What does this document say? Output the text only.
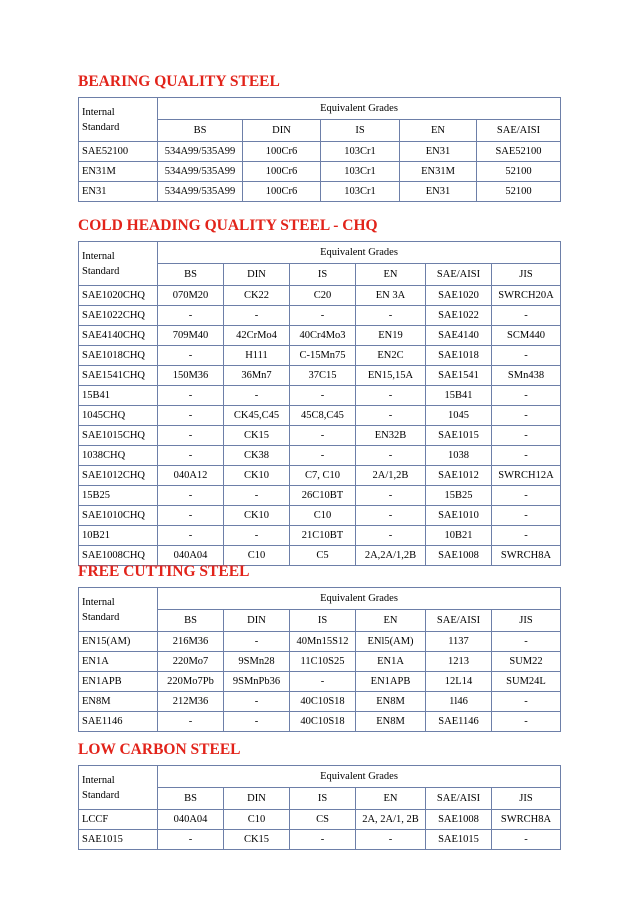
BEARING QUALITY STEEL
Internal Standard	Equivalent Grades				
	BS	DIN	IS	EN	SAE/AISI
SAE52100	534A99/535A99	100Cr6	103Cr1	EN31	SAE52100
EN31M	534A99/535A99	100Cr6	103Cr1	EN31M	52100
EN31	534A99/535A99	100Cr6	103Cr1	EN31	52100
COLD HEADING QUALITY STEEL - CHQ
Internal Standard	Equivalent Grades					
	BS	DIN	IS	EN	SAE/AISI	JIS
SAE1020CHQ	070M20	CK22	C20	EN 3A	SAE1020	SWRCH20A
SAE1022CHQ	-	-	-	-	SAE1022	-
SAE4140CHQ	709M40	42CrMo4	40Cr4Mo3	EN19	SAE4140	SCM440
SAE1018CHQ	-	H111	C-15Mn75	EN2C	SAE1018	-
SAE1541CHQ	150M36	36Mn7	37C15	EN15,15A	SAE1541	SMn438
15B41	-	-	-	-	15B41	-
1045CHQ	-	CK45,C45	45C8,C45	-	1045	-
SAE1015CHQ	-	CK15	-	EN32B	SAE1015	-
1038CHQ	-	CK38	-	-	1038	-
SAE1012CHQ	040A12	CK10	C7, C10	2A/1,2B	SAE1012	SWRCH12A
15B25	-	-	26C10BT	-	15B25	-
SAE1010CHQ	-	CK10	C10	-	SAE1010	-
10B21	-	-	21C10BT	-	10B21	-
SAE1008CHQ	040A04	C10	C5	2A,2A/1,2B	SAE1008	SWRCH8A
FREE CUTTING STEEL
Internal Standard	Equivalent Grades					
	BS	DIN	IS	EN	SAE/AISI	JIS
EN15(AM)	216M36	-	40Mn15S12	ENl5(AM)	1137	-
EN1A	220Mo7	9SMn28	11C10S25	EN1A	1213	SUM22
EN1APB	220Mo7Pb	9SMnPb36	-	EN1APB	12L14	SUM24L
EN8M	212M36	-	40C10S18	EN8M	1l46	-
SAE1146	-	-	40C10S18	EN8M	SAE1146	-
LOW CARBON STEEL
Internal Standard	Equivalent Grades					
	BS	DIN	IS	EN	SAE/AISI	JIS
LCCF	040A04	C10	CS	2A, 2A/1, 2B	SAE1008	SWRCH8A
SAE1015	-	CK15	-	-	SAE1015	-
